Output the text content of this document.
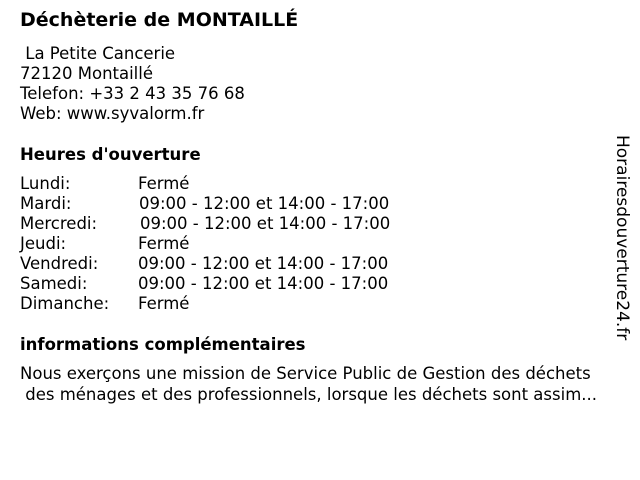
Déchèterie de MONTAILLÉ
La Petite Cancerie
72120 Montaillé
Telefon: +33 2 43 35 76 68
Web: www.syvalorm.fr
Heures d'ouverture
Lundi:	Fermé
Mardi:	09:00 - 12:00 et 14:00 - 17:00
Mercredi:	09:00 - 12:00 et 14:00 - 17:00
Jeudi:	Fermé
Vendredi: 09:00 - 12:00 et 14:00 - 17:00
Samedi:	09:00 - 12:00 et 14:00 - 17:00
Dimanche: Fermé
informations complémentaires
Nous exerçons une mission de Service Public de Gestion des déchets
des ménages et des professionnels, lorsque les déchets sont assim...
Horairesdouverture24.fr
